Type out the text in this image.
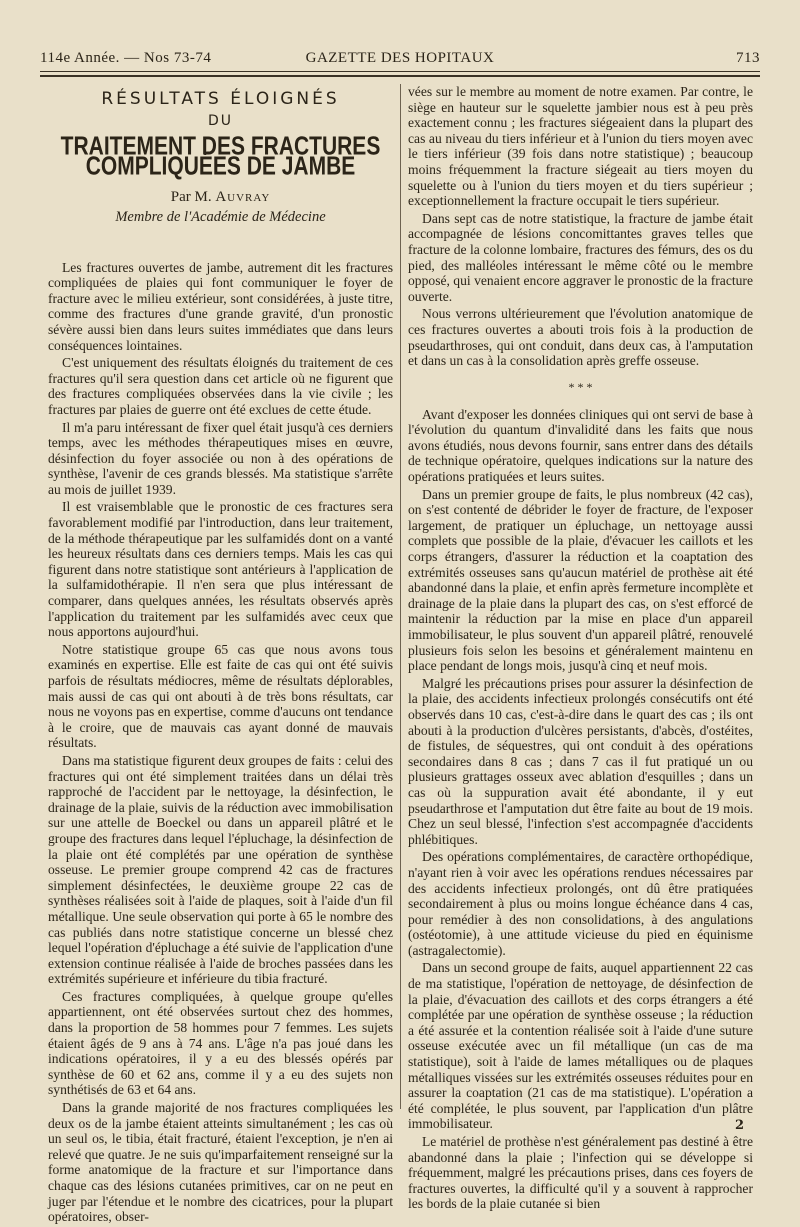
114e Année. — Nos 73-74	GAZETTE DES HOPITAUX	713
RÉSULTATS ÉLOIGNÉS
DU
TRAITEMENT DES FRACTURES COMPLIQUÉES DE JAMBE
Par M. Auvray
Membre de l'Académie de Médecine

Les fractures ouvertes de jambe, autrement dit les fractures compliquées de plaies qui font communiquer le foyer de fracture avec le milieu extérieur, sont considérées, à juste titre, comme des fractures d'une grande gravité, d'un pronostic sévère aussi bien dans leurs suites immédiates que dans leurs conséquences lointaines.

C'est uniquement des résultats éloignés du traitement de ces fractures qu'il sera question dans cet article où ne figurent que des fractures compliquées observées dans la vie civile ; les fractures par plaies de guerre ont été exclues de cette étude.

Il m'a paru intéressant de fixer quel était jusqu'à ces derniers temps, avec les méthodes thérapeutiques mises en œuvre, désinfection du foyer associée ou non à des opérations de synthèse, l'avenir de ces grands blessés. Ma statistique s'arrête au mois de juillet 1939.

Il est vraisemblable que le pronostic de ces fractures sera favorablement modifié par l'introduction, dans leur traitement, de la méthode thérapeutique par les sulfamidés dont on a vanté les heureux résultats dans ces derniers temps. Mais les cas qui figurent dans notre statistique sont antérieurs à l'application de la sulfamidothérapie. Il n'en sera que plus intéressant de comparer, dans quelques années, les résultats observés après l'application du traitement par les sulfamidés avec ceux que nous apportons aujourd'hui.

Notre statistique groupe 65 cas que nous avons tous examinés en expertise. Elle est faite de cas qui ont été suivis parfois de résultats médiocres, même de résultats déplorables, mais aussi de cas qui ont abouti à de très bons résultats, car nous ne voyons pas en expertise, comme d'aucuns ont tendance à le croire, que de mauvais cas ayant donné de mauvais résultats.

Dans ma statistique figurent deux groupes de faits : celui des fractures qui ont été simplement traitées dans un délai très rapproché de l'accident par le nettoyage, la désinfection, le drainage de la plaie, suivis de la réduction avec immobilisation sur une attelle de Boeckel ou dans un appareil plâtré et le groupe des fractures dans lequel l'épluchage, la désinfection de la plaie ont été complétés par une opération de synthèse osseuse. Le premier groupe comprend 42 cas de fractures simplement désinfectées, le deuxième groupe 22 cas de synthèses réalisées soit à l'aide de plaques, soit à l'aide d'un fil métallique. Une seule observation qui porte à 65 le nombre des cas publiés dans notre statistique concerne un blessé chez lequel l'opération d'épluchage a été suivie de l'application d'une extension continue réalisée à l'aide de broches passées dans les extrémités supérieure et inférieure du tibia fracturé.

Ces fractures compliquées, à quelque groupe qu'elles appartiennent, ont été observées surtout chez des hommes, dans la proportion de 58 hommes pour 7 femmes. Les sujets étaient âgés de 9 ans à 74 ans. L'âge n'a pas joué dans les indications opératoires, il y a eu des blessés opérés par synthèse de 60 et 62 ans, comme il y a eu des sujets non synthétisés de 63 et 64 ans.

Dans la grande majorité de nos fractures compliquées les deux os de la jambe étaient atteints simultanément ; les cas où un seul os, le tibia, était fracturé, étaient l'exception, je n'en ai relevé que quatre. Je ne suis qu'imparfaitement renseigné sur la forme anatomique de la fracture et sur l'importance dans chaque cas des lésions cutanées primitives, car on ne peut en juger par l'étendue et le nombre des cicatrices, pour la plupart opératoires, obser-

vées sur le membre au moment de notre examen. Par contre, le siège en hauteur sur le squelette jambier nous est à peu près exactement connu ; les fractures siégeaient dans la plupart des cas au niveau du tiers inférieur et à l'union du tiers moyen avec le tiers inférieur (39 fois dans notre statistique) ; beaucoup moins fréquemment la fracture siégeait au tiers moyen du squelette ou à l'union du tiers moyen et du tiers supérieur ; exceptionnellement la fracture occupait le tiers supérieur.

Dans sept cas de notre statistique, la fracture de jambe était accompagnée de lésions concomittantes graves telles que fracture de la colonne lombaire, fractures des fémurs, des os du pied, des malléoles intéressant le même côté ou le membre opposé, qui venaient encore aggraver le pronostic de la fracture ouverte.

Nous verrons ultérieurement que l'évolution anatomique de ces fractures ouvertes a abouti trois fois à la production de pseudarthroses, qui ont conduit, dans deux cas, à l'amputation et dans un cas à la consolidation après greffe osseuse.

* * *

Avant d'exposer les données cliniques qui ont servi de base à l'évolution du quantum d'invalidité dans les faits que nous avons étudiés, nous devons fournir, sans entrer dans des détails de technique opératoire, quelques indications sur la nature des opérations pratiquées et leurs suites.

Dans un premier groupe de faits, le plus nombreux (42 cas), on s'est contenté de débrider le foyer de fracture, de l'exposer largement, de pratiquer un épluchage, un nettoyage aussi complets que possible de la plaie, d'évacuer les caillots et les corps étrangers, d'assurer la réduction et la coaptation des extrémités osseuses sans qu'aucun matériel de prothèse ait été abandonné dans la plaie, et enfin après fermeture incomplète et drainage de la plaie dans la plupart des cas, on s'est efforcé de maintenir la réduction par la mise en place d'un appareil immobilisateur, le plus souvent d'un appareil plâtré, renouvelé plusieurs fois selon les besoins et généralement maintenu en place pendant de longs mois, jusqu'à cinq et neuf mois.

Malgré les précautions prises pour assurer la désinfection de la plaie, des accidents infectieux prolongés consécutifs ont été observés dans 10 cas, c'est-à-dire dans le quart des cas ; ils ont abouti à la production d'ulcères persistants, d'abcès, d'ostéites, de fistules, de séquestres, qui ont conduit à des opérations secondaires dans 8 cas ; dans 7 cas il fut pratiqué un ou plusieurs grattages osseux avec ablation d'esquilles ; dans un cas où la suppuration avait été abondante, il y eut pseudarthrose et l'amputation dut être faite au bout de 19 mois. Chez un seul blessé, l'infection s'est accompagnée d'accidents phlébitiques.

Des opérations complémentaires, de caractère orthopédique, n'ayant rien à voir avec les opérations rendues nécessaires par des accidents infectieux prolongés, ont dû être pratiquées secondairement à plus ou moins longue échéance dans 4 cas, pour remédier à des non consolidations, à des angulations (ostéotomie), à une attitude vicieuse du pied en équinisme (astragalectomie).

Dans un second groupe de faits, auquel appartiennent 22 cas de ma statistique, l'opération de nettoyage, de désinfection de la plaie, d'évacuation des caillots et des corps étrangers a été complétée par une opération de synthèse osseuse ; la réduction a été assurée et la contention réalisée soit à l'aide d'une suture osseuse exécutée avec un fil métallique (un cas de ma statistique), soit à l'aide de lames métalliques ou de plaques métalliques vissées sur les extrémités osseuses réduites pour en assurer la coaptation (21 cas de ma statistique). L'opération a été complétée, le plus souvent, par l'application d'un plâtre immobilisateur.

Le matériel de prothèse n'est généralement pas destiné à être abandonné dans la plaie ; l'infection qui se développe si fréquemment, malgré les précautions prises, dans ces foyers de fractures ouvertes, la difficulté qu'il y a souvent à rapprocher les bords de la plaie cutanée si bien

2
